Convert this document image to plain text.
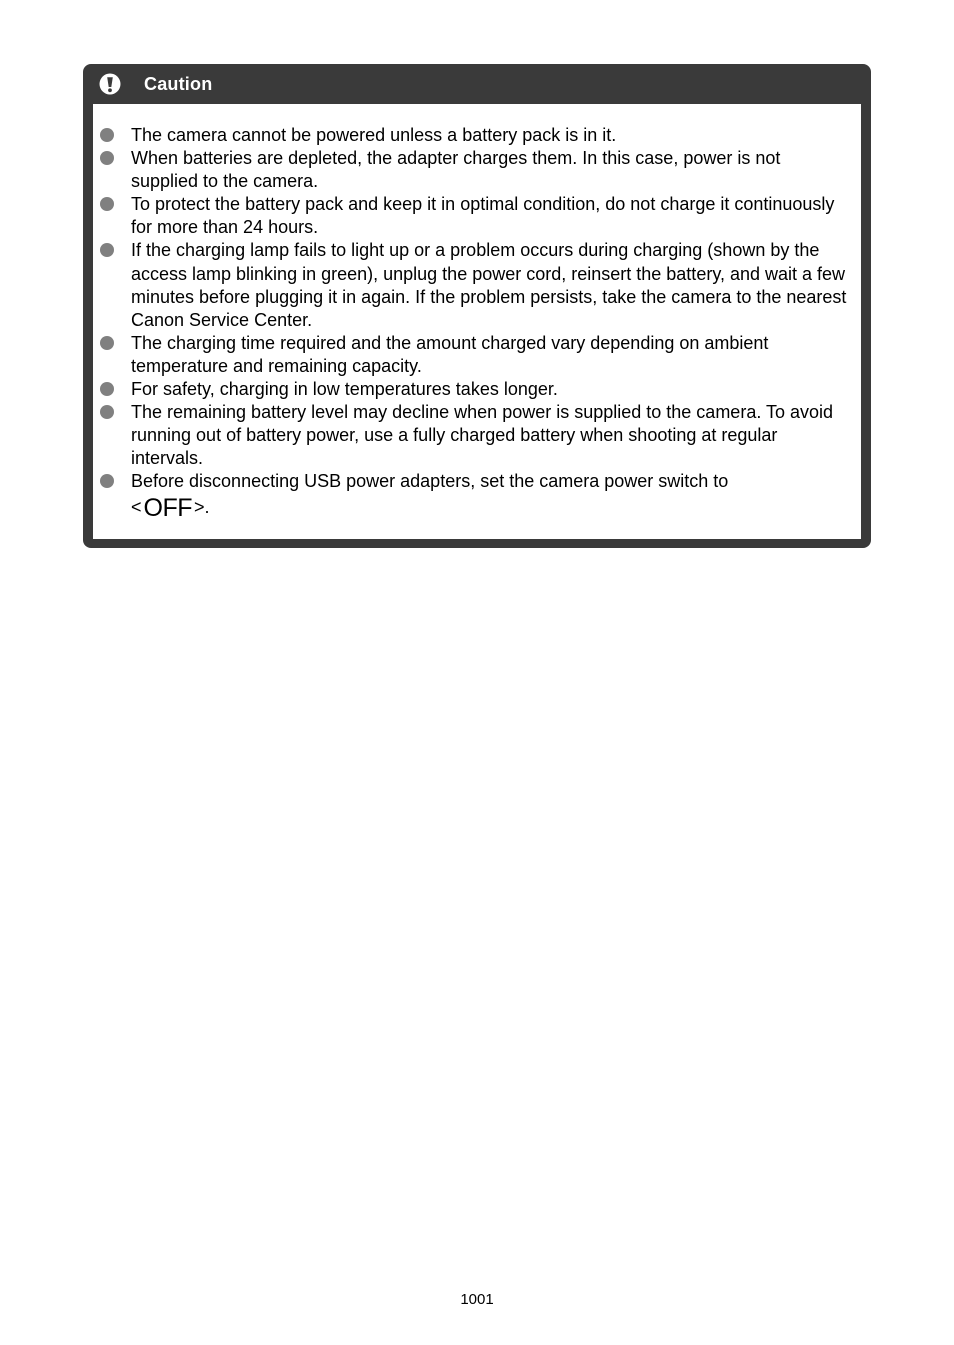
Caution
The camera cannot be powered unless a battery pack is in it.
When batteries are depleted, the adapter charges them. In this case, power is not supplied to the camera.
To protect the battery pack and keep it in optimal condition, do not charge it continuously for more than 24 hours.
If the charging lamp fails to light up or a problem occurs during charging (shown by the access lamp blinking in green), unplug the power cord, reinsert the battery, and wait a few minutes before plugging it in again. If the problem persists, take the camera to the nearest Canon Service Center.
The charging time required and the amount charged vary depending on ambient temperature and remaining capacity.
For safety, charging in low temperatures takes longer.
The remaining battery level may decline when power is supplied to the camera. To avoid running out of battery power, use a fully charged battery when shooting at regular intervals.
Before disconnecting USB power adapters, set the camera power switch to
<OFF >.
1001
